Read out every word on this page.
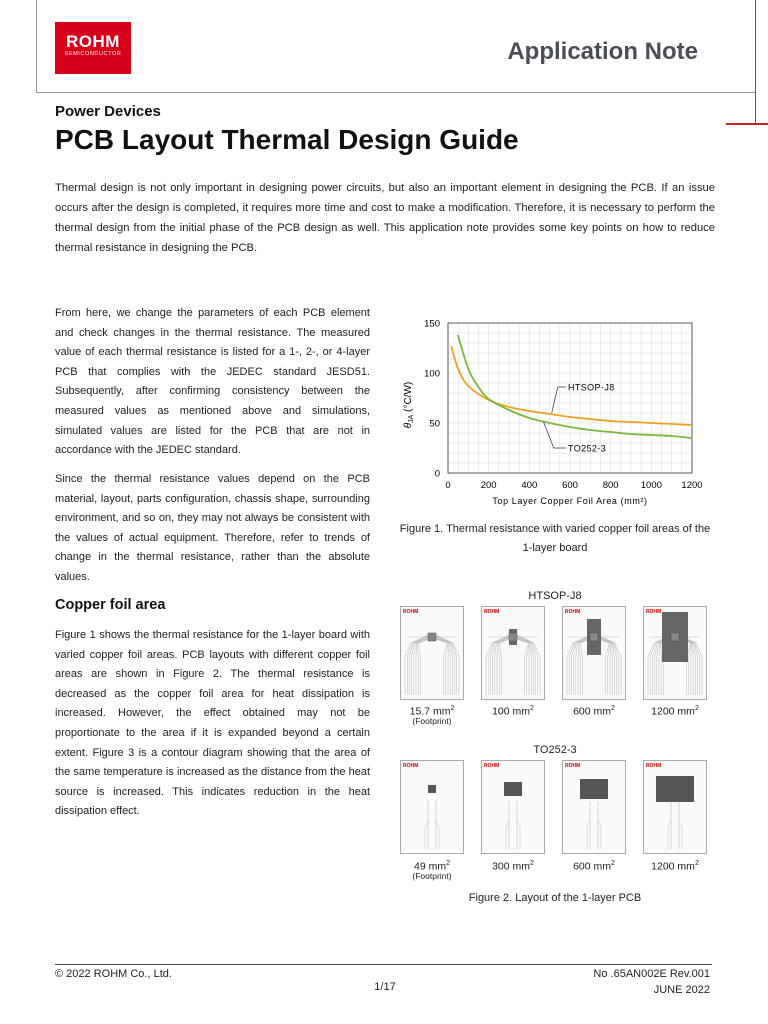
ROHM
SEMICONDUCTOR	Application Note
Power Devices
PCB Layout Thermal Design Guide
Thermal design is not only important in designing power circuits, but also an important element in designing the PCB. If an issue occurs after the design is completed, it requires more time and cost to make a modification. Therefore, it is necessary to perform the thermal design from the initial phase of the PCB design as well. This application note provides some key points on how to reduce thermal resistance in designing the PCB.
From here, we change the parameters of each PCB element and check changes in the thermal resistance. The measured value of each thermal resistance is listed for a 1-, 2-, or 4-layer PCB that complies with the JEDEC standard JESD51. Subsequently, after confirming consistency between the measured values as mentioned above and simulations, simulated values are listed for the PCB that are not in accordance with the JEDEC standard.
Since the thermal resistance values depend on the PCB material, layout, parts configuration, chassis shape, surrounding environment, and so on, they may not always be consistent with the values of actual equipment. Therefore, refer to trends of change in the thermal resistance, rather than the absolute values.
Copper foil area
Figure 1 shows the thermal resistance for the 1-layer board with varied copper foil areas. PCB layouts with different copper foil areas are shown in Figure 2. The thermal resistance is decreased as the copper foil area for heat dissipation is increased. However, the effect obtained may not be proportionate to the area if it is expanded beyond a certain extent. Figure 3 is a contour diagram showing that the area of the same temperature is increased as the distance from the heat source is increased. This indicates reduction in the heat dissipation effect.
0
50
100
150
0	200	400	600	800 1000 1200
$\theta_{JA}$ (°C/W)
Top Layer Copper Foil Area (mm²)
HTSOP-J8
TO252-3
Figure 1. Thermal resistance with varied copper foil areas of the 1-layer board
HTSOP-J8
TO252-3
ROHM
15.7 $mm^2$
ROHM
100 $mm^2$
ROHM
600 $mm^2$
ROHM
1200 $mm^2$
(Footprint)
ROHM
49 $mm^2$
ROHM
300 $mm^2$
ROHM
600 $mm^2$
ROHM
1200 $mm^2$
(Footprint)
Figure 2. Layout of the 1-layer PCB
© 2022 ROHM Co., Ltd.
1/17
No .65AN002E Rev.001
JUNE 2022
